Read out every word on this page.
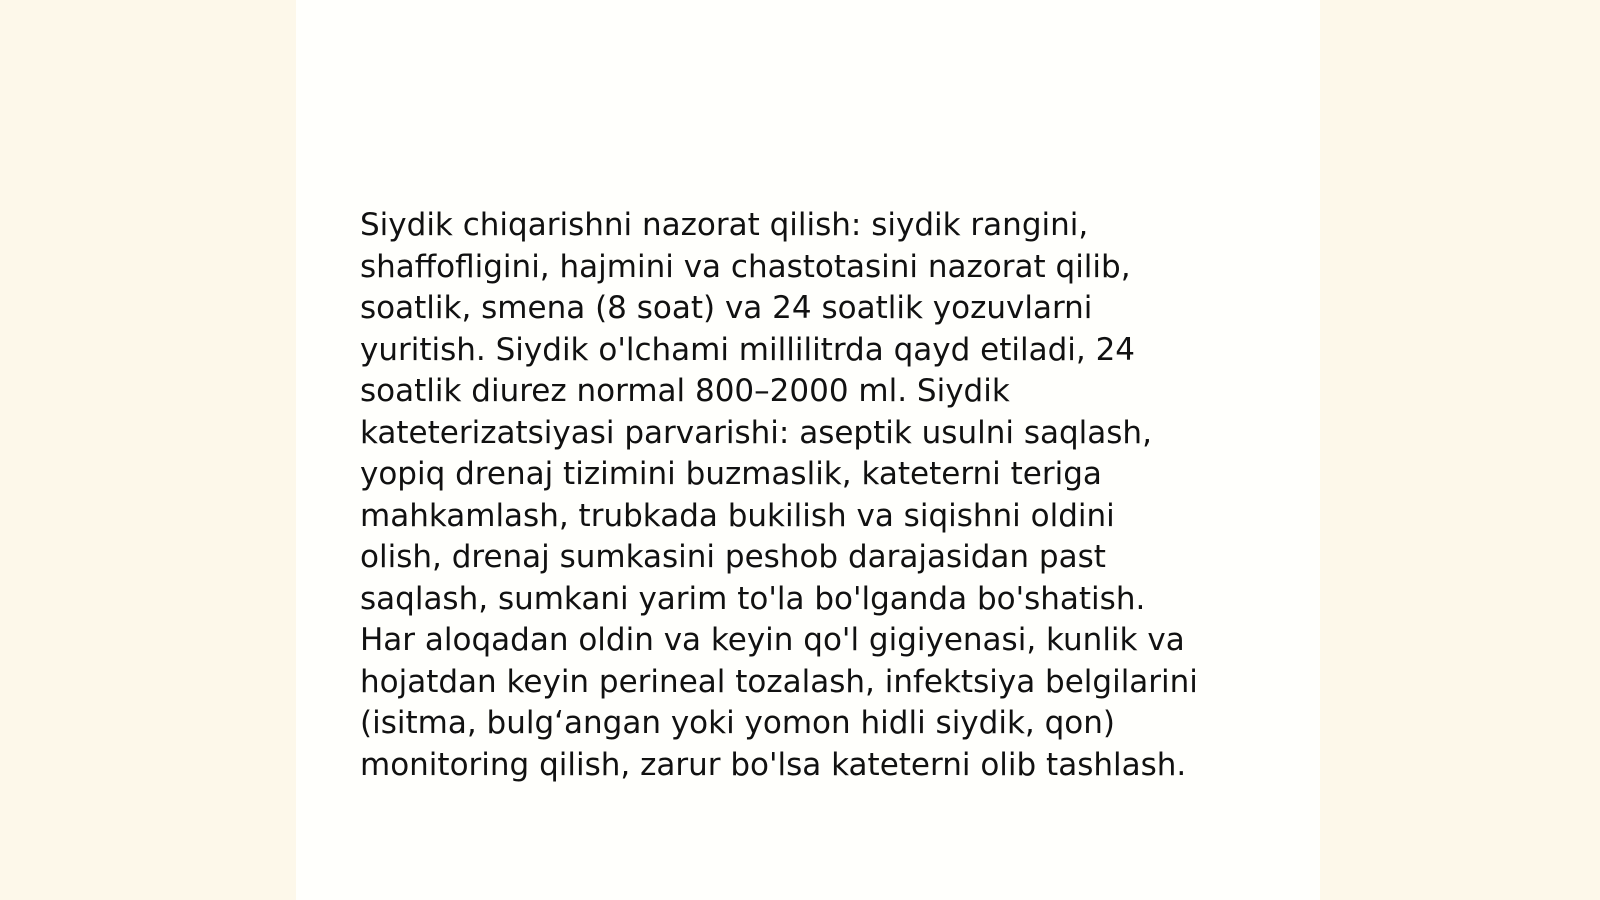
Siydik chiqarishni nazorat qilish: siydik rangini,
shaffofligini, hajmini va chastotasini nazorat qilib,
soatlik, smena (8 soat) va 24 soatlik yozuvlarni
yuritish. Siydik o'lchami millilitrda qayd etiladi, 24
soatlik diurez normal 800–2000 ml. Siydik
kateterizatsiyasi parvarishi: aseptik usulni saqlash,
yopiq drenaj tizimini buzmaslik, kateterni teriga
mahkamlash, trubkada bukilish va siqishni oldini
olish, drenaj sumkasini peshob darajasidan past
saqlash, sumkani yarim to'la bo'lganda bo'shatish.
Har aloqadan oldin va keyin qo'l gigiyenasi, kunlik va
hojatdan keyin perineal tozalash, infektsiya belgilarini
(isitma, bulg‘angan yoki yomon hidli siydik, qon)
monitoring qilish, zarur bo'lsa kateterni olib tashlash.
